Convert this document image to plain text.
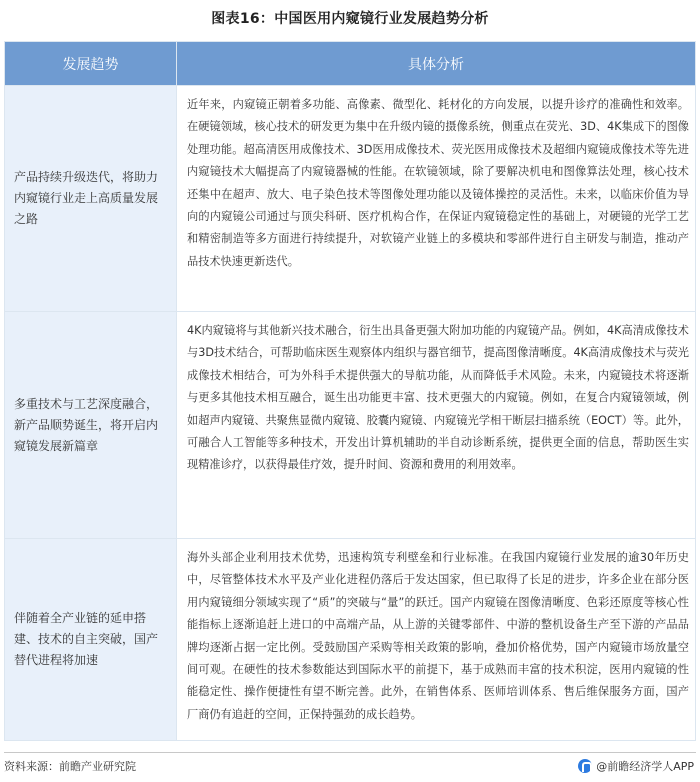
图表16：中国医用内窥镜行业发展趋势分析
发展趋势	具体分析
产品持续升级迭代，将助力内窥镜行业走上高质量发展之路	近年来，内窥镜正朝着多功能、高像素、微型化、耗材化的方向发展，以提升诊疗的准确性和效率。在硬镜领域，核心技术的研发更为集中在升级内镜的摄像系统，侧重点在荧光、3D、4K集成下的图像处理功能。超高清医用成像技术、3D医用成像技术、荧光医用成像技术及超细内窥镜成像技术等先进内窥镜技术大幅提高了内窥镜器械的性能。在软镜领域，除了要解决机电和图像算法处理，核心技术还集中在超声、放大、电子染色技术等图像处理功能以及镜体操控的灵活性。未来，以临床价值为导向的内窥镜公司通过与顶尖科研、医疗机构合作，在保证内窥镜稳定性的基础上，对硬镜的光学工艺和精密制造等多方面进行持续提升，对软镜产业链上的多模块和零部件进行自主研发与制造，推动产品技术快速更新迭代。
多重技术与工艺深度融合，新产品顺势诞生，将开启内窥镜发展新篇章	4K内窥镜将与其他新兴技术融合，衍生出具备更强大附加功能的内窥镜产品。例如，4K高清成像技术与3D技术结合，可帮助临床医生观察体内组织与器官细节，提高图像清晰度。4K高清成像技术与荧光成像技术相结合，可为外科手术提供强大的导航功能，从而降低手术风险。未来，内窥镜技术将逐渐与更多其他技术相互融合，诞生出功能更丰富、技术更强大的内窥镜。例如，在复合内窥镜领域，例如超声内窥镜、共聚焦显微内窥镜、胶囊内窥镜、内窥镜光学相干断层扫描系统（EOCT）等。此外，可融合人工智能等多种技术，开发出计算机辅助的半自动诊断系统，提供更全面的信息，帮助医生实现精准诊疗，以获得最佳疗效，提升时间、资源和费用的利用效率。
伴随着全产业链的延申搭建、技术的自主突破，国产替代进程将加速	海外头部企业利用技术优势，迅速构筑专利壁垒和行业标准。在我国内窥镜行业发展的逾30年历史中，尽管整体技术水平及产业化进程仍落后于发达国家，但已取得了长足的进步，许多企业在部分医用内窥镜细分领域实现了“质”的突破与“量”的跃迁。国产内窥镜在图像清晰度、色彩还原度等核心性能指标上逐渐追赶上进口的中高端产品，从上游的关键零部件、中游的整机设备生产至下游的产品品牌均逐渐占据一定比例。受鼓励国产采购等相关政策的影响，叠加价格优势，国产内窥镜市场放量空间可观。在硬性的技术参数能达到国际水平的前提下，基于成熟而丰富的技术积淀，医用内窥镜的性能稳定性、操作便捷性有望不断完善。此外，在销售体系、医师培训体系、售后维保服务方面，国产厂商仍有追赶的空间，正保持强劲的成长趋势。
资料来源：前瞻产业研究院	@前瞻经济学人APP
